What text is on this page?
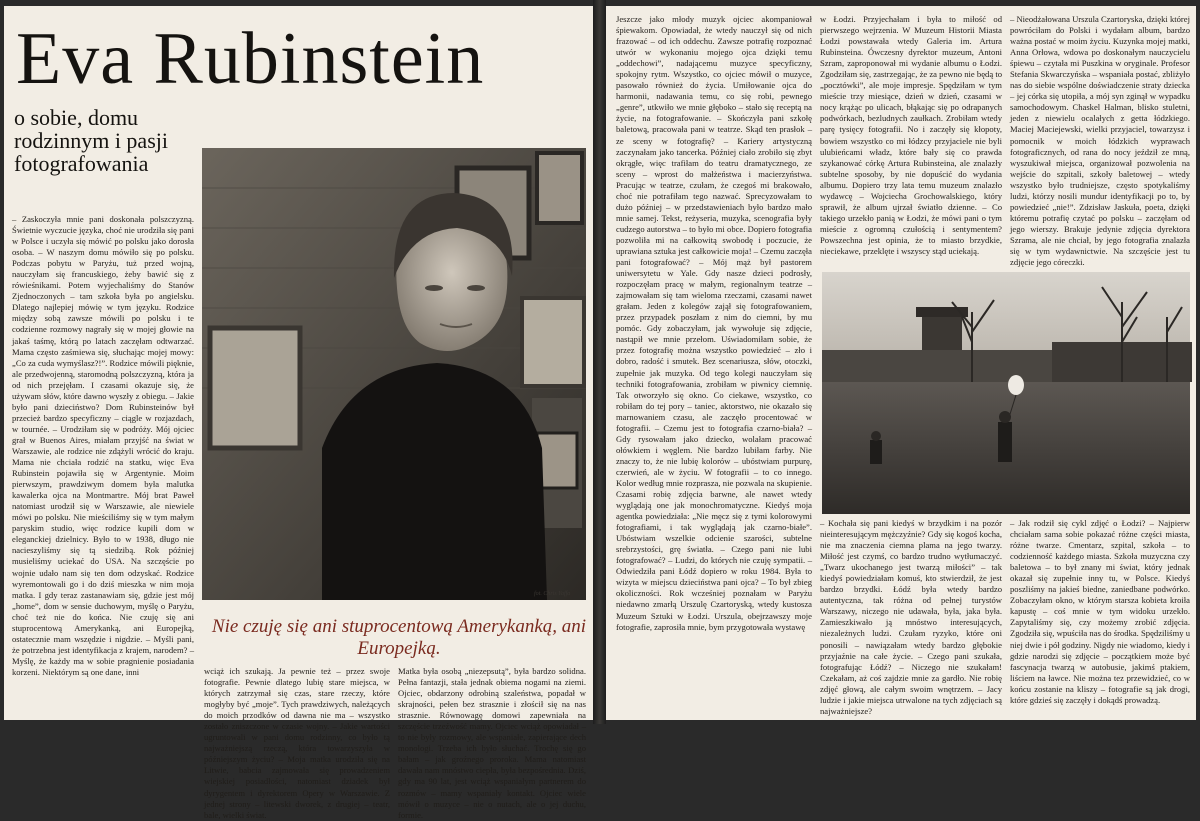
Eva Rubinstein
o sobie, domu rodzinnym i pasji fotografowania

– Zaskoczyła mnie pani doskonała polszczyzną. Świetnie wyczucie języka, choć nie urodziła się pani w Polsce i uczyła się mówić po polsku jako dorosła osoba. – W naszym domu mówiło się po polsku. Podczas pobytu w Paryżu, tuż przed wojną, nauczyłam się francuskiego, żeby bawić się z rówieśnikami. Potem wyjechaliśmy do Stanów Zjednoczonych – tam szkoła była po angielsku. Dlatego najlepiej mówię w tym języku. Rodzice między sobą zawsze mówili po polsku i te codzienne rozmowy nagrały się w mojej głowie na jakaś taśmę, którą po latach zaczęłam odtwarzać. Mama często zaśmiewa się, słuchając mojej mowy: „Co za cuda wymyślasz?!”. Rodzice mówili pięknie, ale przedwojenną, staromodną polszczyzną, która ja od nich przejęłam. I czasami okazuje się, że używam słów, które dawno wyszły z obiegu. – Jakie było pani dzieciństwo? Dom Rubinsteinów był przecież bardzo specyficzny – ciągle w rozjazdach, w tournée. – Urodziłam się w podróży. Mój ojciec grał w Buenos Aires, miałam przyjść na świat w Warszawie, ale rodzice nie zdążyli wrócić do kraju. Mama nie chciała rodzić na statku, więc Eva Rubinstein pojawiła się w Argentynie. Moim pierwszym, prawdziwym domem była malutka kawalerka ojca na Montmartre. Mój brat Paweł natomiast urodził się w Warszawie, ale niewiele mówi po polsku. Nie mieściliśmy się w tym małym paryskim studio, więc rodzice kupili dom w eleganckiej dzielnicy. Było to w 1938, długo nie nacieszyliśmy się tą siedzibą. Rok później musieliśmy uciekać do USA. Na szczęście po wojnie udało nam się ten dom odzyskać. Rodzice wyremontowali go i do dziś mieszka w nim moja matka. I gdy teraz zastanawiam się, gdzie jest mój „home”, dom w sensie duchowym, myślę o Paryżu, choć też nie do końca. Nie czuję się ani stuprocentową Amerykanką, ani Europejką, ostatecznie mam wszędzie i nigdzie. – Myśli pani, że potrzebna jest identyfikacja z krajem, narodem? – Myślę, że każdy ma w sobie pragnienie posiadania korzeni. Niektórym są one dane, inni

fot. Chris Yaffa
Nie czuję się ani stuprocentową Amerykanką, ani Europejką.

wciąż ich szukają. Ja pewnie też – przez swoje fotografie. Pewnie dlatego lubię stare miejsca, w których zatrzymał się czas, stare rzeczy, które mogłyby być „moje”. Tych prawdziwych, należących do moich przodków od dawna nie ma – wszystko zostało zniszczone w czasie wojny. – Jakie wartości ugruntowali w pani domu rodzinny, co było tą najważniejszą rzeczą, która towarzyszyła w późniejszym życiu? – Moja matka urodziła się na Litwie, babcia zajmowała się prowadzeniem wiejskiej posiadłości, natomiast dziadek był dyrygentem i dyrektorem Opery w Warszawie. Z jednej strony – litewski dworek, z drugiej – teatr, bale, wielki świat.

Matka była osobą „niezepsutą”, była bardzo solidna. Pełna fantazji, stała jednak obiema nogami na ziemi. Ojciec, obdarzony odrobiną szaleństwa, popadał w skrajności, pełen bez strasznie i złościł się na nas strasznie. Równowagę domowi zapewniała na szczęście trzeźwość mamy. Ojciec wciąż opowiadał – to nie były rozmowy, ale wspaniałe, zapierające dech monologi. Trzeba ich było słuchać. Trochę się go bałam – jak groźnego proroka. Mama natomiast dawała nam mnóstwo ciepła, była bezpośrednia. Dziś, gdy ma 90 lat, jest wciąż wspaniałym partnerem do rozmów – mamy wspaniały kontakt. Ojciec wiele mówił o muzyce – nie o nutach, ale o jej duchu, formie.

Jeszcze jako młody muzyk ojciec akompaniował śpiewakom. Opowiadał, że wtedy nauczył się od nich frazować – od ich oddechu. Zawsze potrafię rozpoznać utwór w wykonaniu mojego ojca dzięki temu „oddechowi”, nadającemu muzyce specyficzny, spokojny rytm. Wszystko, co ojciec mówił o muzyce, pasowało również do życia. Umiłowanie ojca do harmonii, nadawania temu, co się robi, pewnego „genre”, utkwiło we mnie głęboko – stało się receptą na życie, na fotografowanie. – Skończyła pani szkołę baletową, pracowała pani w teatrze. Skąd ten prasłok – ze sceny w fotografię? – Kariery artystyczną zaczynałam jako tancerka. Później ciało zrobiło się zbyt okrągłe, więc trafiłam do teatru dramatycznego, ze sceny – wprost do małżeństwa i macierzyństwa. Pracując w teatrze, czułam, że czegoś mi brakowało, choć nie potrafiłam tego nazwać. Sprecyzowałam to dużo później – w przedstawieniach było bardzo mało mnie samej. Tekst, reżyseria, muzyka, scenografia były cudzego autorstwa – to było mi obce. Dopiero fotografia pozwoliła mi na całkowitą swobodę i poczucie, że uprawiana sztuka jest całkowicie moja! – Czemu zaczęła pani fotografować? – Mój mąż był pastorem uniwersytetu w Yale. Gdy nasze dzieci podrosły, rozpoczęłam pracę w małym, regionalnym teatrze – zajmowałam się tam wieloma rzeczami, czasami nawet grałam. Jeden z kolegów zajął się fotografowaniem, przez przypadek poszłam z nim do ciemni, by mu pomóc. Gdy zobaczyłam, jak wywołuje się zdjęcie, nastąpił we mnie przełom. Uświadomiłam sobie, że przez fotografię można wszystko powiedzieć – zło i dobro, radość i smutek. Bez scenariusza, słów, otoczki, zupełnie jak muzyka. Od tego kolegi nauczyłam się techniki fotografowania, zrobiłam w piwnicy ciemnię. Tak otworzyło się okno. Co ciekawe, wszystko, co robiłam do tej pory – taniec, aktorstwo, nie okazało się marnowaniem czasu, ale zaczęło procentować w fotografii. – Czemu jest to fotografia czarno-biała? – Gdy rysowałam jako dziecko, wolałam pracować ołówkiem i węglem. Nie bardzo lubiłam farby. Nie znaczy to, że nie lubię kolorów – ubóstwiam purpurę, czerwień, ale w życiu. W fotografii – to co innego. Kolor według mnie rozprasza, nie pozwala na skupienie. Czasami robię zdjęcia barwne, ale nawet wtedy wyglądają one jak monochromatyczne. Kiedyś moja agentka powiedziała: „Nie męcz się z tymi kolorowymi fotografiami, i tak wyglądają jak czarno-białe”. Ubóstwiam wszelkie odcienie szarości, subtelne srebrzystości, grę światła. – Czego pani nie lubi fotografować? – Ludzi, do których nie czuję sympatii. – Odwiedziła pani Łódź dopiero w roku 1984. Była to wizyta w miejscu dzieciństwa pani ojca? – To był zbieg okoliczności. Rok wcześniej poznałam w Paryżu niedawno zmarłą Urszulę Czartoryską, wtedy kustosza Muzeum Sztuki w Łodzi. Urszula, obejrzawszy moje fotografie, zaprosiła mnie, bym przygotowała wystawę

w Łodzi. Przyjechałam i była to miłość od pierwszego wejrzenia. W Muzeum Historii Miasta Łodzi powstawała wtedy Galeria im. Artura Rubinsteina. Ówczesny dyrektor muzeum, Antoni Szram, zaproponował mi wydanie albumu o Łodzi. Zgodziłam się, zastrzegając, że za pewno nie będą to „pocztówki”, ale moje impresje. Spędziłam w tym mieście trzy miesiące, dzień w dzień, czasami w nocy krążąc po ulicach, błąkając się po odrapanych podwórkach, bezludnych zaułkach. Zrobiłam wtedy parę tysięcy fotografii. No i zaczęły się kłopoty, bowiem wszystko co mi łódzcy przyjaciele nie byli ulubieńcami władz, które bały się co prawda szykanować córkę Artura Rubinsteina, ale znalazły subtelne sposoby, by nie dopuścić do wydania albumu. Dopiero trzy lata temu muzeum znalazło wydawcę – Wojciecha Grochowalskiego, który sprawił, że album ujrzał światło dzienne. – Co takiego urzekło panią w Łodzi, że mówi pani o tym mieście z ogromną czułością i sentymentem? Powszechna jest opinia, że to miasto brzydkie, nieciekawe, przeklęte i wszyscy stąd uciekają.

– Nieodżałowana Urszula Czartoryska, dzięki której powróciłam do Polski i wydałam album, bardzo ważna postać w moim życiu. Kuzynka mojej matki, Anna Orłowa, wdowa po doskonałym nauczycielu śpiewu – czytała mi Puszkina w oryginale. Profesor Stefania Skwarczyńska – wspaniała postać, zbliżyło nas do siebie wspólne doświadczenie straty dziecka – jej córka się utopiła, a mój syn zginął w wypadku samochodowym. Chaskel Halman, blisko stuletni, jeden z niewielu ocalałych z getta łódzkiego. Maciej Maciejewski, wielki przyjaciel, towarzysz i pomocnik w moich łódzkich wyprawach fotograficznych, od rana do nocy jeździł ze mną, wyszukiwał miejsca, organizował pozwolenia na wejście do szpitali, szkoły baletowej – wtedy wszystko było trudniejsze, często spotykaliśmy ludzi, którzy nosili mundur identyfikacji po to, by powiedzieć „nie!”. Zdzisław Jaskuła, poeta, dzięki któremu potrafię czytać po polsku – zaczęłam od jego wierszy. Brakuje jedynie zdjęcia dyrektora Szrama, ale nie chciał, by jego fotografia znalazła się w tym wydawnictwie. Na szczęście jest tu zdjęcie jego córeczki.

– Kochała się pani kiedyś w brzydkim i na pozór nieinteresującym mężczyźnie? Gdy się kogoś kocha, nie ma znaczenia ciemna plama na jego twarzy. Miłość jest czymś, co bardzo trudno wytłumaczyć. „Twarz ukochanego jest twarzą miłości” – tak kiedyś powiedziałam komuś, kto stwierdził, że jest bardzo brzydki. Łódź była wtedy bardzo autentyczna, tak różna od pełnej turystów Warszawy, niczego nie udawała, była, jaka była. Zamieszkiwało ją mnóstwo interesujących, niezależnych ludzi. Czułam ryzyko, które oni ponosili – nawiązałam wtedy bardzo głębokie przyjaźnie na całe życie. – Czego pani szukała, fotografując Łódź? – Niczego nie szukałam! Czekałam, aż coś zajdzie mnie za gardło. Nie robię zdjęć głową, ale całym swoim wnętrzem. – Jacy ludzie i jakie miejsca utrwalone na tych zdjęciach są najważniejsze?

– Jak rodził się cykl zdjęć o Łodzi? – Najpierw chciałam sama sobie pokazać różne części miasta, różne twarze. Cmentarz, szpital, szkoła – to codzienność każdego miasta. Szkoła muzyczna czy baletowa – to był znany mi świat, który jednak okazał się zupełnie inny tu, w Polsce. Kiedyś poszliśmy na jakieś biedne, zaniedbane podwórko. Zobaczyłam okno, w którym starsza kobieta kroiła kapustę – coś mnie w tym widoku urzekło. Zapytaliśmy się, czy możemy zrobić zdjęcia. Zgodziła się, wpuściła nas do środka. Spędziliśmy u niej dwie i pół godziny. Nigdy nie wiadomo, kiedy i gdzie narodzi się zdjęcie – początkiem może być fascynacja twarzą w autobusie, jakimś ptakiem, liściem na ławce. Nie można tez przewidzieć, co w końcu zostanie na kliszy – fotografie są jak drogi, które gdzieś się zaczęły i dokądś prowadzą.
